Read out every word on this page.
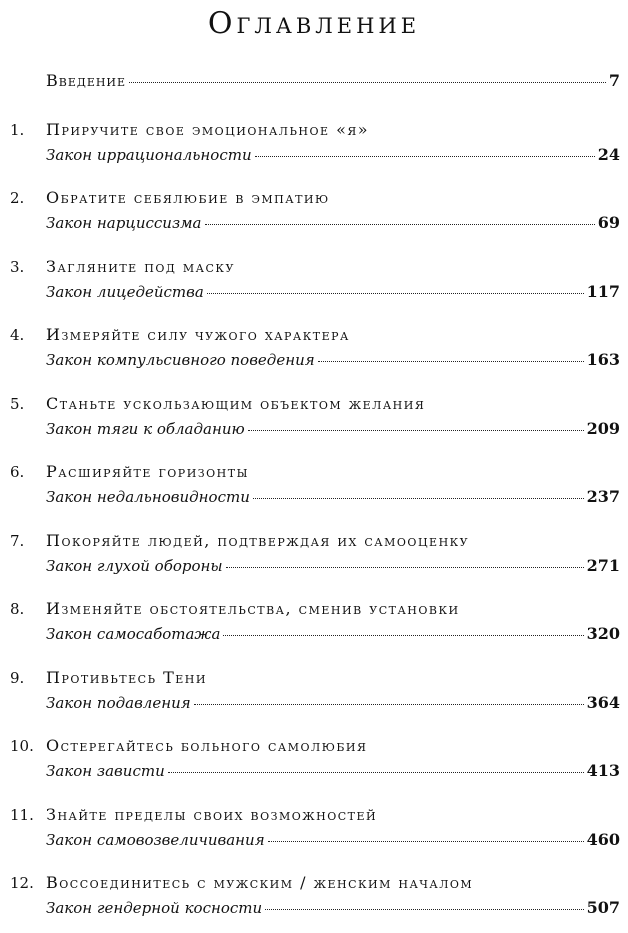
Оглавление
Введение	7
1. Приручите свое эмоциональное «я»
Закон иррациональности	24
2. Обратите себялюбие в эмпатию
Закон нарциссизма	69
3. Загляните под маску
Закон лицедейства	117
4. Измеряйте силу чужого характера
Закон компульсивного поведения	163
5. Станьте ускользающим объектом желания
Закон тяги к обладанию	209
6. Расширяйте горизонты
Закон недальновидности	237
7. Покоряйте людей, подтверждая их самооценку
Закон глухой обороны	271
8. Изменяйте обстоятельства, сменив установки
Закон самосаботажа	320
9. Противьтесь Тени
Закон подавления	364
10. Остерегайтесь больного самолюбия
Закон зависти	413
11. Знайте пределы своих возможностей
Закон самовозвеличивания	460
12. Воссоединитесь с мужским / женским началом
Закон гендерной косности	507
